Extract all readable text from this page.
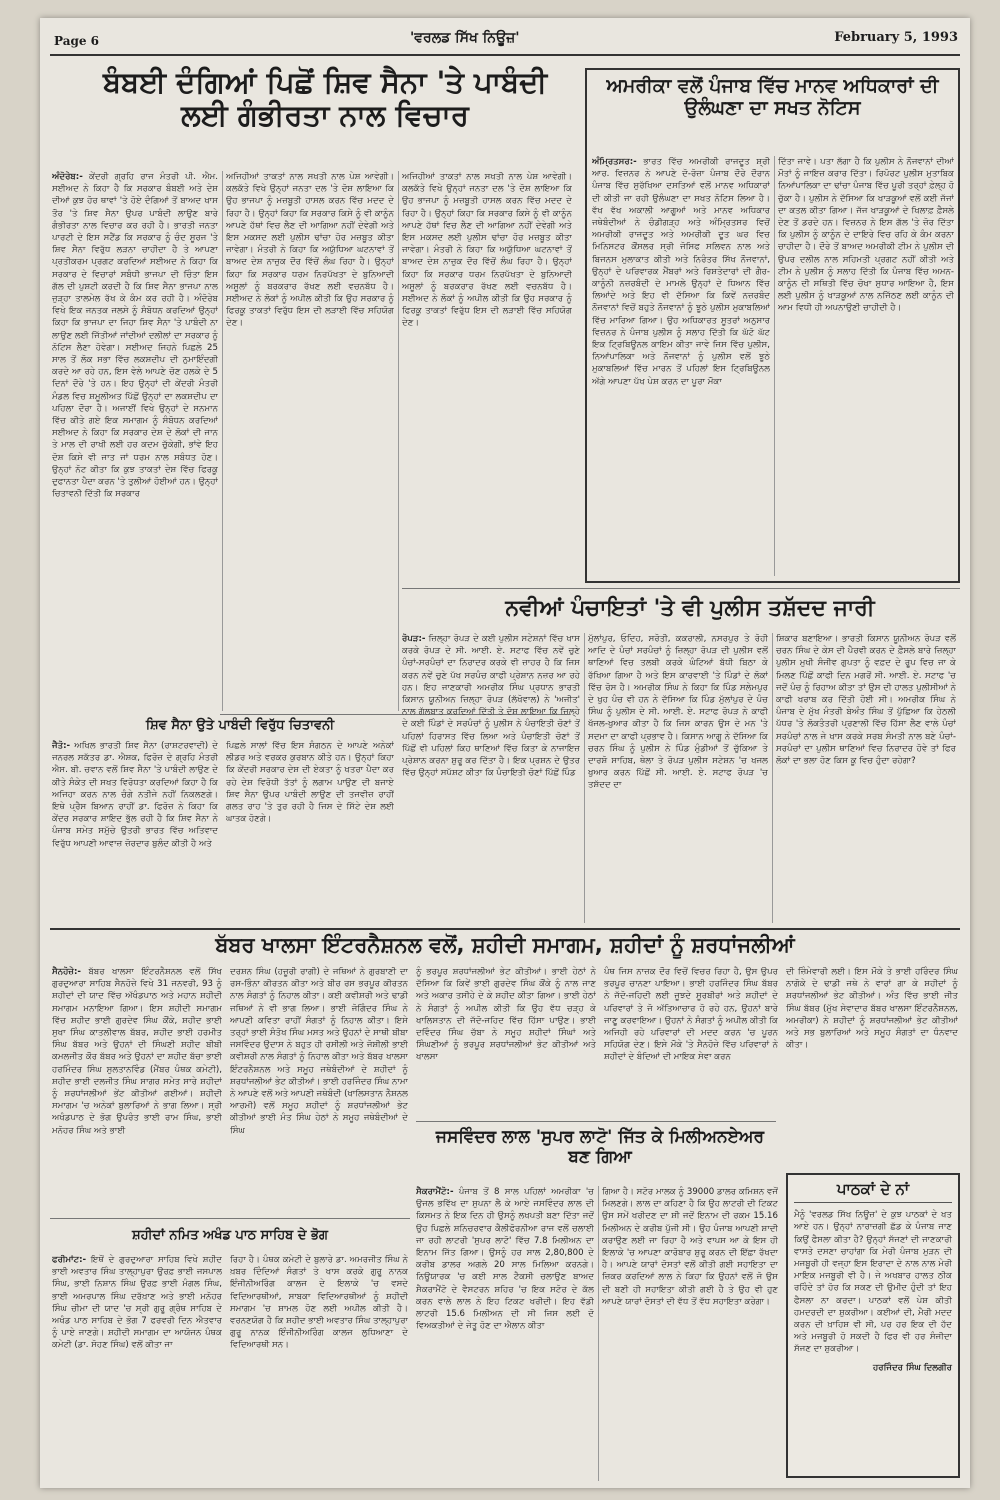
Page 6	'ਵਰਲਡ ਸਿੱਖ ਨਿਊਜ਼'	February 5, 1993
ਬੰਬਈ ਦੰਗਿਆਂ ਪਿਛੋਂ ਸ਼ਿਵ ਸੈਨਾ 'ਤੇ ਪਾਬੰਦੀ ਲਈ ਗੰਭੀਰਤਾ ਨਾਲ ਵਿਚਾਰ
ਅੰਦੋਰੇਬ:- ਕੇਂਦਰੀ ਗ੍ਰਹਿ ਰਾਜ ਮੰਤਰੀ ਪੀ. ਐਮ. ਸਈਅਦ ਨੇ ਕਿਹਾ ਹੈ ਕਿ ਸਰਕਾਰ ਬੰਬਈ ਅਤੇ ਦੇਸ਼ ਦੀਆਂ ਕੁਝ ਹੋਰ ਥਾਵਾਂ 'ਤੇ ਹੋਏ ਦੰਗਿਆਂ ਤੋਂ ਬਾਅਦ ਖਾਸ ਤੌਰ 'ਤੇ ਸ਼ਿਵ ਸੈਨਾ ਉਪਰ ਪਾਬੰਦੀ ਲਾਉਣ ਬਾਰੇ ਗੰਭੀਰਤਾ ਨਾਲ ਵਿਚਾਰ ਕਰ ਰਹੀ ਹੈ। ਭਾਰਤੀ ਜਨਤਾ ਪਾਰਟੀ ਦੇ ਇਸ ਸਟੈਂਡ ਕਿ ਸਰਕਾਰ ਨੂੰ ਚੰਦ ਸੂਰਜ 'ਤੇ ਸ਼ਿਵ ਸੈਨਾ ਵਿਰੁੱਧ ਲੜਨਾ ਚਾਹੀਦਾ ਹੈ ਤੇ ਆਪਣਾ ਪ੍ਰਤੀਕਰਮ ਪ੍ਰਗਟ ਕਰਦਿਆਂ ਸਈਅਦ ਨੇ ਕਿਹਾ ਕਿ ਸਰਕਾਰ ਦੇ ਵਿਚਾਰਾਂ ਸਬੰਧੀ ਭਾਜਪਾ ਦੀ ਚਿੰਤਾ ਇਸ ਗੱਲ ਦੀ ਪੁਸ਼ਟੀ ਕਰਦੀ ਹੈ ਕਿ ਸ਼ਿਵ ਸੈਨਾ ਭਾਜਪਾ ਨਾਲ ਜੁੜ੍ਹਾ ਤਾਲਮੇਲ ਰੱਖ ਕੇ ਕੰਮ ਕਰ ਰਹੀ ਹੈ। ਅੰਦੋਰੇਬ ਵਿਖੇ ਇਕ ਜਨਤਕ ਜਲਸੇ ਨੂੰ ਸੰਬੋਧਨ ਕਰਦਿਆਂ ਉਨ੍ਹਾਂ ਕਿਹਾ ਕਿ ਭਾਜਪਾ ਦਾ ਜਿਹਾ ਸ਼ਿਵ ਸੈਨਾ 'ਤੇ ਪਾਬੰਦੀ ਨਾ ਲਾਉਣ ਲਈ ਜਿੱਤੀਆਂ ਜਾਂਦੀਆਂ ਦਲੀਲਾਂ ਦਾ ਸਰਕਾਰ ਨੂੰ ਨੋਟਿਸ ਲੈਣਾ ਹੋਵੇਗਾ। ਸਈਅਦ ਜਿਹਨੇ ਪਿਛਲੇ 25 ਸਾਲ ਤੋਂ ਲੋਕ ਸਭਾ ਵਿੱਚ ਲਕਸ਼ਦੀਪ ਦੀ ਨੁਮਾਇੰਦਗੀ ਕਰਦੇ ਆ ਰਹੇ ਹਨ, ਇਸ ਵੇਲੇ ਆਪਣੇ ਚੋਣ ਹਲਕੇ ਦੇ 5 ਦਿਨਾਂ ਦੌਰੇ 'ਤੇ ਹਨ। ਇਹ ਉਨ੍ਹਾਂ ਦੀ ਕੇਂਦਰੀ ਮੰਤਰੀ ਮੰਡਲ ਵਿਚ ਸ਼ਮੂਲੀਅਤ ਪਿੱਛੋਂ ਉਨ੍ਹਾਂ ਦਾ ਲਕਸ਼ਦੀਪ ਦਾ ਪਹਿਲਾ ਦੌਰਾ ਹੈ। ਅਜਾਈਂ ਵਿਖੇ ਉਨ੍ਹਾਂ ਦੇ ਸਨਮਾਨ ਵਿੱਚ ਕੀਤੇ ਗਏ ਇਕ ਸਮਾਗਮ ਨੂੰ ਸੰਬੋਧਨ ਕਰਦਿਆਂ ਸਈਅਦ ਨੇ ਕਿਹਾ ਕਿ ਸਰਕਾਰ ਦੇਸ਼ ਦੇ ਲੋਕਾਂ ਦੀ ਜਾਨ ਤੇ ਮਾਲ ਦੀ ਰਾਖੀ ਲਈ ਹਰ ਕਦਮ ਚੁੱਕੇਗੀ, ਭਾਂਵੇ ਇਹ ਦੋਸ਼ ਕਿਸੇ ਵੀ ਜਾਤ ਜਾਂ ਧਰਮ ਨਾਲ ਸਬੰਧਤ ਹੋਣ। ਉਨ੍ਹਾਂ ਨੋਟ ਕੀਤਾ ਕਿ ਕੁਝ ਤਾਕਤਾਂ ਦੇਸ਼ ਵਿੱਚ ਫਿਰਕੂ ਦੁਫਾਨਤਾ ਪੈਦਾ ਕਰਨ 'ਤੇ ਤੁਲੀਆਂ ਹੋਈਆਂ ਹਨ। ਉਨ੍ਹਾਂ ਚਿਤਾਵਨੀ ਦਿੱਤੀ ਕਿ ਸਰਕਾਰ
ਅਜਿਹੀਆਂ ਤਾਕਤਾਂ ਨਾਲ ਸਖਤੀ ਨਾਲ ਪੇਸ਼ ਆਵੇਗੀ। ਕਲਕੱਤੇ ਵਿਖੇ ਉਨ੍ਹਾਂ ਜਨਤਾ ਦਲ 'ਤੇ ਦੋਸ਼ ਲਾਇਆ ਕਿ ਉਹ ਭਾਜਪਾ ਨੂੰ ਮਜ਼ਬੂਤੀ ਹਾਸਲ ਕਰਨ ਵਿੱਚ ਮਦਦ ਦੇ ਰਿਹਾ ਹੈ। ਉਨ੍ਹਾਂ ਕਿਹਾ ਕਿ ਸਰਕਾਰ ਕਿਸੇ ਨੂੰ ਵੀ ਕਾਨੂੰਨ ਆਪਣੇ ਹੱਥਾਂ ਵਿਚ ਲੈਣ ਦੀ ਆਗਿਆ ਨਹੀਂ ਦੇਵੇਗੀ ਅਤੇ ਇਸ ਮਕਸਦ ਲਈ ਪੁਲੀਸ ਢਾਂਚਾ ਹੋਰ ਮਜ਼ਬੂਤ ਕੀਤਾ ਜਾਵੇਗਾ। ਮੰਤਰੀ ਨੇ ਕਿਹਾ ਕਿ ਅਯੁੱਧਿਆ ਘਟਨਾਵਾਂ ਤੋਂ ਬਾਅਦ ਦੇਸ਼ ਨਾਜ਼ੁਕ ਦੌਰ ਵਿੱਚੋਂ ਲੰਘ ਰਿਹਾ ਹੈ। ਉਨ੍ਹਾਂ ਕਿਹਾ ਕਿ ਸਰਕਾਰ ਧਰਮ ਨਿਰਪੱਖਤਾ ਦੇ ਬੁਨਿਆਦੀ ਅਸੂਲਾਂ ਨੂੰ ਬਰਕਰਾਰ ਰੱਖਣ ਲਈ ਵਚਨਬੱਧ ਹੈ। ਸਈਅਦ ਨੇ ਲੋਕਾਂ ਨੂੰ ਅਪੀਲ ਕੀਤੀ ਕਿ ਉਹ ਸਰਕਾਰ ਨੂੰ ਫਿਰਕੂ ਤਾਕਤਾਂ ਵਿਰੁੱਧ ਇਸ ਦੀ ਲੜਾਈ ਵਿੱਚ ਸਹਿਯੋਗ ਦੇਣ।
ਅਜਿਹੀਆਂ ਤਾਕਤਾਂ ਨਾਲ ਸਖਤੀ ਨਾਲ ਪੇਸ਼ ਆਵੇਗੀ। ਕਲਕੱਤੇ ਵਿਖੇ ਉਨ੍ਹਾਂ ਜਨਤਾ ਦਲ 'ਤੇ ਦੋਸ਼ ਲਾਇਆ ਕਿ ਉਹ ਭਾਜਪਾ ਨੂੰ ਮਜ਼ਬੂਤੀ ਹਾਸਲ ਕਰਨ ਵਿੱਚ ਮਦਦ ਦੇ ਰਿਹਾ ਹੈ। ਉਨ੍ਹਾਂ ਕਿਹਾ ਕਿ ਸਰਕਾਰ ਕਿਸੇ ਨੂੰ ਵੀ ਕਾਨੂੰਨ ਆਪਣੇ ਹੱਥਾਂ ਵਿਚ ਲੈਣ ਦੀ ਆਗਿਆ ਨਹੀਂ ਦੇਵੇਗੀ ਅਤੇ ਇਸ ਮਕਸਦ ਲਈ ਪੁਲੀਸ ਢਾਂਚਾ ਹੋਰ ਮਜ਼ਬੂਤ ਕੀਤਾ ਜਾਵੇਗਾ। ਮੰਤਰੀ ਨੇ ਕਿਹਾ ਕਿ ਅਯੁੱਧਿਆ ਘਟਨਾਵਾਂ ਤੋਂ ਬਾਅਦ ਦੇਸ਼ ਨਾਜ਼ੁਕ ਦੌਰ ਵਿੱਚੋਂ ਲੰਘ ਰਿਹਾ ਹੈ। ਉਨ੍ਹਾਂ ਕਿਹਾ ਕਿ ਸਰਕਾਰ ਧਰਮ ਨਿਰਪੱਖਤਾ ਦੇ ਬੁਨਿਆਦੀ ਅਸੂਲਾਂ ਨੂੰ ਬਰਕਰਾਰ ਰੱਖਣ ਲਈ ਵਚਨਬੱਧ ਹੈ। ਸਈਅਦ ਨੇ ਲੋਕਾਂ ਨੂੰ ਅਪੀਲ ਕੀਤੀ ਕਿ ਉਹ ਸਰਕਾਰ ਨੂੰ ਫਿਰਕੂ ਤਾਕਤਾਂ ਵਿਰੁੱਧ ਇਸ ਦੀ ਲੜਾਈ ਵਿੱਚ ਸਹਿਯੋਗ ਦੇਣ।
ਸ਼ਿਵ ਸੈਨਾ ਉਤੇ ਪਾਬੰਦੀ ਵਿਰੁੱਧ ਚਿਤਾਵਨੀ
ਜੈਤੋ:- ਅਖਿਲ ਭਾਰਤੀ ਸ਼ਿਵ ਸੈਨਾ (ਰਾਸ਼ਟਰਵਾਦੀ) ਦੇ ਜਨਰਲ ਸਕੱਤਰ ਡਾ. ਐਸ਼ਕ, ਫਿਰੋਜ਼ ਦੇ ਗ੍ਰਹਿ ਮੰਤਰੀ ਐਸ. ਬੀ. ਚਵਾਨ ਵਲੋਂ ਸ਼ਿਵ ਸੈਨਾ 'ਤੇ ਪਾਬੰਦੀ ਲਾਉਣ ਦੇ ਕੀਤੇ ਸੰਕੇਤ ਦੀ ਸਖਤ ਵਿਰੋਧਤਾ ਕਰਦਿਆਂ ਕਿਹਾ ਹੈ ਕਿ ਅਜਿਹਾ ਕਰਨ ਨਾਲ ਚੰਗੇ ਨਤੀਜੇ ਨਹੀਂ ਨਿਕਲਣਗੇ। ਇਥੇ ਪ੍ਰੈਸ ਬਿਆਨ ਰਾਹੀਂ ਡਾ. ਫਿਰੋਜ਼ ਨੇ ਕਿਹਾ ਕਿ ਕੇਂਦਰ ਸਰਕਾਰ ਸ਼ਾਇਦ ਭੁੱਲ ਰਹੀ ਹੈ ਕਿ ਸ਼ਿਵ ਸੈਨਾ ਨੇ ਪੰਜਾਬ ਸਮੇਤ ਸਮੁੱਚੇ ਉਤਰੀ ਭਾਰਤ ਵਿੱਚ ਅਤਿਵਾਦ ਵਿਰੁੱਧ ਆਪਣੀ ਆਵਾਜ਼ ਜ਼ੋਰਦਾਰ ਬੁਲੰਦ ਕੀਤੀ ਹੈ ਅਤੇ
ਪਿਛਲੇ ਸਾਲਾਂ ਵਿੱਚ ਇਸ ਸੰਗਠਨ ਦੇ ਆਪਣੇ ਅਨੇਕਾਂ ਲੀਡਰ ਅਤੇ ਵਰਕਰ ਕੁਰਬਾਨ ਕੀਤੇ ਹਨ। ਉਨ੍ਹਾਂ ਕਿਹਾ ਕਿ ਕੇਂਦਰੀ ਸਰਕਾਰ ਦੇਸ਼ ਦੀ ਏਕਤਾ ਨੂੰ ਖਤਰਾ ਪੈਦਾ ਕਰ ਰਹੇ ਦੇਸ਼ ਵਿਰੋਧੀ ਤੱਤਾਂ ਨੂੰ ਲਗਾਮ ਪਾਉਣ ਦੀ ਬਜਾਏ ਸ਼ਿਵ ਸੈਨਾ ਉਪਰ ਪਾਬੰਦੀ ਲਾਉਣ ਦੀ ਤਜਵੀਜ਼ ਰਾਹੀਂ ਗਲਤ ਰਾਹ 'ਤੇ ਤੁਰ ਰਹੀ ਹੈ ਜਿਸ ਦੇ ਸਿੱਟੇ ਦੇਸ਼ ਲਈ ਘਾਤਕ ਹੋਣਗੇ।
ਅਮਰੀਕਾ ਵਲੋਂ ਪੰਜਾਬ ਵਿੱਚ ਮਾਨਵ ਅਧਿਕਾਰਾਂ ਦੀ ਉਲੰਘਣਾ ਦਾ ਸਖਤ ਨੋਟਿਸ
ਅੰਮ੍ਰਿਤਸਰ:- ਭਾਰਤ ਵਿੱਚ ਅਮਰੀਕੀ ਰਾਜਦੂਤ ਸ਼੍ਰੀ ਆਰ. ਵਿਜ਼ਨਰ ਨੇ ਆਪਣੇ ਦੋ-ਰੋਜ਼ਾ ਪੰਜਾਬ ਦੌਰੇ ਦੌਰਾਨ ਪੰਜਾਬ ਵਿੱਚ ਸੁਰੱਖਿਆ ਦਸਤਿਆਂ ਵਲੋਂ ਮਾਨਵ ਅਧਿਕਾਰਾਂ ਦੀ ਕੀਤੀ ਜਾ ਰਹੀ ਉਲੰਘਣਾ ਦਾ ਸਖਤ ਨੋਟਿਸ ਲਿਆ ਹੈ। ਵੱਖ ਵੱਖ ਅਕਾਲੀ ਆਗੂਆਂ ਅਤੇ ਮਾਨਵ ਅਧਿਕਾਰ ਜਥੇਬੰਦੀਆਂ ਨੇ ਚੰਡੀਗੜ੍ਹ ਅਤੇ ਅੰਮ੍ਰਿਤਸਰ ਵਿਚੋਂ ਅਮਰੀਕੀ ਰਾਜਦੂਤ ਅਤੇ ਅਮਰੀਕੀ ਦੂਤ ਘਰ ਵਿਚ ਮਿਨਿਸਟਰ ਕੌਂਸਲਰ ਸ੍ਰੀ ਜੋਸਿਫ ਸਲਿਵਨ ਨਾਲ ਅਤੇ ਬਿਜਨਸ ਮੁਲਾਕਾਤ ਕੀਤੀ ਅਤੇ ਨਿਰੰਤਰ ਸਿੱਖ ਨੌਜਵਾਨਾਂ, ਉਨ੍ਹਾਂ ਦੇ ਪਰਿਵਾਰਕ ਮੈਂਬਰਾਂ ਅਤੇ ਰਿਸ਼ਤੇਦਾਰਾਂ ਦੀ ਗੈਰ-ਕਾਨੂੰਨੀ ਨਜ਼ਰਬੰਦੀ ਦੇ ਮਾਮਲੇ ਉਨ੍ਹਾਂ ਦੇ ਧਿਆਨ ਵਿੱਚ ਲਿਆਂਦੇ ਅਤੇ ਇਹ ਵੀ ਦੱਸਿਆ ਕਿ ਕਿਵੇਂ ਨਜ਼ਰਬੰਦ ਨੌਜਵਾਨਾਂ ਵਿਚੋਂ ਬਹੁਤੇ ਨੌਜਵਾਨਾਂ ਨੂੰ ਝੂਠੇ ਪੁਲੀਸ ਮੁਕਾਬਲਿਆਂ ਵਿੱਚ ਮਾਰਿਆ ਗਿਆ। ਉਹ ਅਧਿਕਾਰਤ ਸੂਤਰਾਂ ਅਨੁਸਾਰ ਵਿਜ਼ਨਰ ਨੇ ਪੰਜਾਬ ਪੁਲੀਸ ਨੂੰ ਸਲਾਹ ਦਿੱਤੀ ਕਿ ਘੱਟੋ ਘੱਟ ਇਕ ਟ੍ਰਿਬਿਊਨਲ ਕਾਇਮ ਕੀਤਾ ਜਾਵੇ ਜਿਸ ਵਿੱਚ ਪੁਲੀਸ, ਨਿਆਂਪਾਲਿਕਾ ਅਤੇ ਨੌਜਵਾਨਾਂ ਨੂੰ ਪੁਲੀਸ ਵਲੋਂ ਝੂਠੇ ਮੁਕਾਬਲਿਆਂ ਵਿੱਚ ਮਾਰਨ ਤੋਂ ਪਹਿਲਾਂ ਇਸ ਟ੍ਰਿਬਿਊਨਲ ਅੱਗੇ ਆਪਣਾ ਪੱਖ ਪੇਸ਼ ਕਰਨ ਦਾ ਪੂਰਾ ਮੌਕਾ
ਦਿੱਤਾ ਜਾਵੇ। ਪਤਾ ਲੱਗਾ ਹੈ ਕਿ ਪੁਲੀਸ ਨੇ ਨੌਜਵਾਨਾਂ ਦੀਆਂ ਮੌਤਾਂ ਨੂੰ ਜਾਇਜ਼ ਕਰਾਰ ਦਿੱਤਾ। ਰਿਪੋਰਟ ਪੁਲੀਸ ਮੁਤਾਬਿਕ ਨਿਆਂਪਾਲਿਕਾ ਦਾ ਢਾਂਚਾ ਪੰਜਾਬ ਵਿੱਚ ਪੂਰੀ ਤਰ੍ਹਾਂ ਫ਼ੇਲ੍ਹ ਹੋ ਚੁੱਕਾ ਹੈ। ਪੁਲੀਸ ਨੇ ਦੱਸਿਆ ਕਿ ਖਾੜਕੂਆਂ ਵਲੋਂ ਕਈ ਜੱਜਾਂ ਦਾ ਕਤਲ ਕੀਤਾ ਗਿਆ। ਜੱਜ ਖਾੜਕੂਆਂ ਦੇ ਖਿਲਾਫ਼ ਫ਼ੈਸਲੇ ਦੇਣ ਤੋਂ ਡਰਦੇ ਹਨ। ਵਿਜ਼ਨਰ ਨੇ ਇਸ ਗੱਲ 'ਤੇ ਜ਼ੋਰ ਦਿੱਤਾ ਕਿ ਪੁਲੀਸ ਨੂੰ ਕਾਨੂੰਨ ਦੇ ਦਾਇਰੇ ਵਿਚ ਰਹਿ ਕੇ ਕੰਮ ਕਰਨਾ ਚਾਹੀਦਾ ਹੈ। ਦੌਰੇ ਤੋਂ ਬਾਅਦ ਅਮਰੀਕੀ ਟੀਮ ਨੇ ਪੁਲੀਸ ਦੀ ਉਪਰ ਦਲੀਲ ਨਾਲ ਸਹਿਮਤੀ ਪ੍ਰਗਟ ਨਹੀਂ ਕੀਤੀ ਅਤੇ ਟੀਮ ਨੇ ਪੁਲੀਸ ਨੂੰ ਸਲਾਹ ਦਿੱਤੀ ਕਿ ਪੰਜਾਬ ਵਿੱਚ ਅਮਨ-ਕਾਨੂੰਨ ਦੀ ਸਥਿਤੀ ਵਿੱਚ ਚੋਖਾ ਸੁਧਾਰ ਆਇਆ ਹੈ, ਇਸ ਲਈ ਪੁਲੀਸ ਨੂੰ ਖਾੜਕੂਆਂ ਨਾਲ ਨਜਿੱਠਣ ਲਈ ਕਾਨੂੰਨ ਦੀ ਆਮ ਵਿਧੀ ਹੀ ਅਪਨਾਉਣੀ ਚਾਹੀਦੀ ਹੈ।
ਨਵੀਆਂ ਪੰਚਾਇਤਾਂ 'ਤੇ ਵੀ ਪੁਲੀਸ ਤਸ਼ੱਦਦ ਜਾਰੀ
ਰੋਪੜ:- ਜ਼ਿਲ੍ਹਾ ਰੋਪੜ ਦੇ ਕਈ ਪੁਲੀਸ ਸਟੇਸ਼ਨਾਂ ਵਿੱਚ ਖਾਸ ਕਰਕੇ ਰੋਪੜ ਦੇ ਸੀ. ਆਈ. ਏ. ਸਟਾਫ ਵਿੱਚ ਨਵੇਂ ਚੁਣੇ ਪੰਚਾਂ-ਸਰਪੰਚਾਂ ਦਾ ਨਿਰਾਦਰ ਕਰਕੇ ਵੀ ਜ਼ਾਹਰ ਹੈ ਕਿ ਜਿਸ ਕਰਨ ਨਵੇਂ ਚੁਣੇ ਪੱਖ ਸਰਪੰਚ ਕਾਫੀ ਪ੍ਰੇਸ਼ਾਨ ਨਜ਼ਰ ਆ ਰਹੇ ਹਨ। ਇਹ ਜਾਣਕਾਰੀ ਅਮਰੀਕ ਸਿੰਘ ਪ੍ਰਧਾਨ ਭਾਰਤੀ ਕਿਸਾਨ ਯੂਨੀਅਨ ਜ਼ਿਲ੍ਹਾ ਰੋਪੜ (ਲੱਖੋਵਾਲ) ਨੇ 'ਅਜੀਤ' ਨਾਲ ਗੱਲਬਾਤ ਕਰਦਿਆਂ ਦਿੱਤੀ ਤੇ ਦੋਸ਼ ਲਾਇਆ ਕਿ ਜ਼ਿਲ੍ਹੇ ਦੇ ਕਈ ਪਿੰਡਾਂ ਦੇ ਸਰਪੰਚਾਂ ਨੂੰ ਪੁਲੀਸ ਨੇ ਪੰਚਾਇਤੀ ਚੋਣਾਂ ਤੋਂ ਪਹਿਲਾਂ ਹਿਰਾਸਤ ਵਿੱਚ ਲਿਆ ਅਤੇ ਪੰਚਾਇਤੀ ਚੋਣਾਂ ਤੋਂ ਪਿੱਛੋਂ ਵੀ ਪਹਿਲਾਂ ਕਿਹ ਥਾਣਿਆਂ ਵਿੱਚ ਕਿਤਾ ਕੇ ਨਾਜਾਇਜ਼ ਪ੍ਰੇਸ਼ਾਨ ਕਰਨਾ ਸ਼ੁਰੂ ਕਰ ਦਿੱਤਾ ਹੈ। ਇਕ ਪ੍ਰਸ਼ਨ ਦੇ ਉਤਰ ਵਿੱਚ ਉਨ੍ਹਾਂ ਸਪੱਸ਼ਟ ਕੀਤਾ ਕਿ ਪੰਚਾਇਤੀ ਚੋਣਾਂ ਪਿੱਛੋਂ ਪਿੰਡ
ਮੁੱਲਾਂਪੁਰ, ਓਦਿਹ, ਸਰੋਤੀ, ਕਕਰਾਲੀ, ਨਸਰਪੁਰ ਤੇ ਰੋਹੀ ਆਦਿ ਦੇ ਪੰਚਾਂ ਸਰਪੰਚਾਂ ਨੂੰ ਜ਼ਿਲ੍ਹਾ ਰੋਪੜ ਦੀ ਪੁਲੀਸ ਵਲੋਂ ਥਾਣਿਆਂ ਵਿਚ ਤਲਬੀ ਕਰਕੇ ਘੰਟਿਆਂ ਬੱਧੀ ਬਿਠਾ ਕੇ ਰੱਖਿਆ ਗਿਆ ਹੈ ਅਤੇ ਇਸ ਕਾਰਵਾਈ 'ਤੇ ਪਿੰਡਾਂ ਦੇ ਲੋਕਾਂ ਵਿੱਚ ਰੋਸ ਹੈ। ਅਮਰੀਕ ਸਿੰਘ ਨੇ ਕਿਹਾ ਕਿ ਪਿੰਡ ਸਲੇਮਪੁਰ ਦੇ ਖੁਹ ਪੰਚ ਵੀ ਹਨ ਨੇ ਦੱਸਿਆ ਕਿ ਪਿੰਡ ਮੁੱਲਾਂਪੁਰ ਦੇ ਪੰਚ ਸਿੰਘ ਨੂੰ ਪੁਲੀਸ ਦੇ ਸੀ. ਆਈ. ਏ. ਸਟਾਫ ਰੋਪੜ ਨੇ ਕਾਫੀ ਖੱਜਲ-ਖੁਆਰ ਕੀਤਾ ਹੈ ਕਿ ਜਿਸ ਕਾਰਨ ਉਸ ਦੇ ਮਨ 'ਤੇ ਸਦਮਾ ਦਾ ਕਾਫੀ ਪ੍ਰਭਾਵ ਹੈ। ਕਿਸਾਨ ਆਗੂ ਨੇ ਦੱਸਿਆ ਕਿ ਚਰਨ ਸਿੰਘ ਨੂੰ ਪੁਲੀਸ ਨੇ ਪਿੰਡ ਮੁੰਡੀਆਂ ਤੋਂ ਚੁੱਕਿਆ ਤੇ ਦਾਰਸ਼ੋ ਸਾਹਿਬ, ਥੇਲਾ ਤੇ ਰੋਪੜ ਪੁਲੀਸ ਸਟੇਸ਼ਨ 'ਚ ਖਜਲ ਖੁਆਰ ਕਰਨ ਪਿੱਛੋਂ ਸੀ. ਆਈ. ਏ. ਸਟਾਫ ਰੋਪੜ 'ਚ ਤਸ਼ੱਦਦ ਦਾ
ਸ਼ਿਕਾਰ ਬਣਾਇਆ। ਭਾਰਤੀ ਕਿਸਾਨ ਯੂਨੀਅਨ ਰੋਪੜ ਵਲੋਂ ਚਰਨ ਸਿੰਘ ਦੇ ਕੇਸ ਦੀ ਪੈਰਵੀ ਕਰਨ ਦੇ ਫ਼ੈਸਲੇ ਬਾਰੇ ਜ਼ਿਲ੍ਹਾ ਪੁਲੀਸ ਮੁਖੀ ਸੰਜੀਵ ਗੁਪਤਾ ਨੂੰ ਵਫ਼ਦ ਦੇ ਰੂਪ ਵਿਚ ਜਾ ਕੇ ਮਿਲਣ ਪਿੱਛੋਂ ਕਾਫੀ ਦਿਨ ਮਗਰੋਂ ਸੀ. ਆਈ. ਏ. ਸਟਾਫ 'ਚ ਜਦੋਂ ਪੰਚ ਨੂੰ ਰਿਹਾਅ ਕੀਤਾ ਤਾਂ ਉਸ ਦੀ ਹਾਲਤ ਪੁਲੀਸੀਆਂ ਨੇ ਕਾਫੀ ਖਰਾਬ ਕਰ ਦਿੱਤੀ ਹੋਈ ਸੀ। ਅਮਰੀਕ ਸਿੰਘ ਨੇ ਪੰਜਾਬ ਦੇ ਮੁੱਖ ਮੰਤਰੀ ਬੇਅੰਤ ਸਿੰਘ ਤੋਂ ਪੁੱਛਿਆ ਕਿ ਹੇਠਲੀ ਪੱਧਰ 'ਤੇ ਲੋਕਤੰਤਰੀ ਪ੍ਰਣਾਲੀ ਵਿੱਚ ਹਿੱਸਾ ਲੈਣ ਵਾਲੇ ਪੰਚਾਂ ਸਰਪੰਚਾਂ ਨਾਲ ਜੇ ਖਾਸ ਕਰਕੇ ਸਰਬ ਸੰਮਤੀ ਨਾਲ ਬਣੇ ਪੰਚਾਂ-ਸਰਪੰਚਾਂ ਦਾ ਪੁਲੀਸ ਥਾਣਿਆਂ ਵਿਚ ਨਿਰਾਦਰ ਹੋਵੇ ਤਾਂ ਫਿਰ ਲੋਕਾਂ ਦਾ ਭਲਾ ਹੋਣ ਕਿਸ ਕੂ ਵਿਚ ਹੁੰਦਾ ਰਹੇਗਾ?
ਬੱਬਰ ਖਾਲਸਾ ਇੰਟਰਨੈਸ਼ਨਲ ਵਲੋਂ, ਸ਼ਹੀਦੀ ਸਮਾਗਮ, ਸ਼ਹੀਦਾਂ ਨੂੰ ਸ਼ਰਧਾਂਜਲੀਆਂ
ਸੈਨਹੋਜ਼ੇ:- ਬੱਬਰ ਖਾਲਸਾ ਇੰਟਰਨੈਸ਼ਨਲ ਵਲੋਂ ਸਿੱਖ ਗੁਰਦੁਆਰਾ ਸਾਹਿਬ ਸੈਨਹੋਜ਼ੇ ਵਿਖੇ 31 ਜਨਵਰੀ, 93 ਨੂੰ ਸ਼ਹੀਦਾਂ ਦੀ ਯਾਦ ਵਿੱਚ ਅੱਖੰਡਪਾਠ ਅਤੇ ਮਹਾਨ ਸ਼ਹੀਦੀ ਸਮਾਗਮ ਮਨਾਇਆ ਗਿਆ। ਇਸ ਸ਼ਹੀਦੀ ਸਮਾਗਮ ਵਿੱਚ ਸ਼ਹੀਦ ਭਾਈ ਗੁਰਦੇਵ ਸਿੰਘ ਕੌਂਕੇ, ਸ਼ਹੀਦ ਭਾਈ ਸੁਖਾ ਸਿੰਘ ਕਾਤਲੀਵਾਲ ਬੱਬਰ, ਸ਼ਹੀਦ ਭਾਈ ਹਰਮੀਤ ਸਿੰਘ ਬੱਬਰ ਅਤੇ ਉਹਨਾਂ ਦੀ ਸਿੰਘਣੀ ਸ਼ਹੀਦ ਬੀਬੀ ਕਮਲਜੀਤ ਕੌਰ ਬੱਬਰ ਅਤੇ ਉਹਨਾਂ ਦਾ ਸ਼ਹੀਦ ਬੱਚਾ ਭਾਈ ਹਰਮਿੰਦਰ ਸਿੰਘ ਸੁਲਤਾਨਵਿੰਡ (ਮੈਂਬਰ ਪੰਥਕ ਕਮੇਟੀ), ਸ਼ਹੀਦ ਭਾਈ ਦਲਜੀਤ ਸਿੰਘ ਸਾਗਰ ਸਮੇਤ ਸਾਰੇ ਸ਼ਹੀਦਾਂ ਨੂੰ ਸ਼ਰਧਾਂਜਲੀਆਂ ਭੇਂਟ ਕੀਤੀਆਂ ਗਈਆਂ। ਸ਼ਹੀਦੀ ਸਮਾਗਮ 'ਚ ਅਨੇਕਾਂ ਬੁਲਾਰਿਆਂ ਨੇ ਭਾਗ ਲਿਆ। ਸ੍ਰੀ ਅਖੰਡਪਾਠ ਦੇ ਭੋਗ ਉਪਰੰਤ ਭਾਈ ਰਾਮ ਸਿੰਘ, ਭਾਈ ਮਨੋਹਰ ਸਿੰਘ ਅਤੇ ਭਾਈ
ਦਰਸ਼ਨ ਸਿੰਘ (ਹਜ਼ੂਰੀ ਰਾਗੀ) ਦੇ ਜਥਿਆਂ ਨੇ ਗੁਰਬਾਣੀ ਦਾ ਰਸ-ਭਿੰਨਾ ਕੀਰਤਨ ਕੀਤਾ ਅਤੇ ਬੀਰ ਰਸ ਭਰਪੂਰ ਕੀਰਤਨ ਨਾਲ ਸੰਗਤਾਂ ਨੂੰ ਨਿਹਾਲ ਕੀਤਾ। ਕਈ ਕਵੀਸ਼ਰੀ ਅਤੇ ਢਾਡੀ ਜਥਿਆਂ ਨੇ ਵੀ ਭਾਗ ਲਿਆ। ਭਾਈ ਜੋਗਿੰਦਰ ਸਿੰਘ ਨੇ ਆਪਣੀ ਕਵਿਤਾ ਰਾਹੀਂ ਸੰਗਤਾਂ ਨੂੰ ਨਿਹਾਲ ਕੀਤਾ। ਇਸੇ ਤਰ੍ਹਾਂ ਭਾਈ ਸੰਤੋਖ ਸਿੰਘ ਮਸਤ ਅਤੇ ਉਹਨਾਂ ਦੇ ਸਾਥੀ ਬੀਬਾ ਜਸਵਿੰਦਰ ਉਦਾਸ ਨੇ ਬਹੁਤ ਹੀ ਰਸੀਲੀ ਅਤੇ ਜੋਸ਼ੀਲੀ ਭਾਈ ਕਵੀਸ਼ਰੀ ਨਾਲ ਸੰਗਤਾਂ ਨੂੰ ਨਿਹਾਲ ਕੀਤਾ ਅਤੇ ਬੱਬਰ ਖਾਲਸਾ ਇੰਟਰਨੈਸ਼ਨਲ ਅਤੇ ਸਮੂਹ ਜਥੇਬੰਦੀਆਂ ਦੇ ਸ਼ਹੀਦਾਂ ਨੂੰ ਸ਼ਰਧਾਂਜਲੀਆਂ ਭੇਟ ਕੀਤੀਆਂ। ਭਾਈ ਹਰਜਿੰਦਰ ਸਿੰਘ ਨਾਮਾ ਨੇ ਆਪਣੇ ਵਲੋਂ ਅਤੇ ਆਪਣੀ ਜਥੇਬੰਦੀ (ਖਾਲਿਸਤਾਨ ਨੈਸ਼ਨਲ ਆਰਮੀ) ਵਲੋਂ ਸਮੂਹ ਸ਼ਹੀਦਾਂ ਨੂੰ ਸ਼ਰਧਾਂਜਲੀਆਂ ਭੇਟ ਕੀਤੀਆਂ ਭਾਈ ਮੰਤ ਸਿੰਘ ਹੇਠਾਂ ਨੇ ਸਮੂਹ ਜਥੇਬੰਦੀਆਂ ਦੇ ਸਿੰਘ
ਨੂੰ ਭਰਪੂਰ ਸ਼ਰਧਾਂਜਲੀਆਂ ਭੇਟ ਕੀਤੀਆਂ। ਭਾਈ ਹੇਠਾਂ ਨੇ ਦੱਸਿਆ ਕਿ ਕਿਵੇਂ ਭਾਈ ਗੁਰਦੇਵ ਸਿੰਘ ਕੌਂਕੇ ਨੂੰ ਨਾਲ ਜਾਣ ਅਤੇ ਅਕਾਰ ਤਸੀਹੇ ਦੇ ਕੇ ਸ਼ਹੀਦ ਕੀਤਾ ਗਿਆ। ਭਾਈ ਹੇਠਾਂ ਨੇ ਸੰਗਤਾਂ ਨੂੰ ਅਪੀਲ ਕੀਤੀ ਕਿ ਉਹ ਵੱਧ ਚੜ੍ਹ ਕੇ ਖਾਲਿਸਤਾਨ ਦੀ ਜੱਦੋ-ਜਹਿਦ ਵਿੱਚ ਹਿੱਸਾ ਪਾਉਣ। ਭਾਈ ਦਵਿੰਦਰ ਸਿੰਘ ਚੱਬਾ ਨੇ ਸਮੂਹ ਸ਼ਹੀਦਾਂ ਸਿੰਘਾਂ ਅਤੇ ਸਿੰਘਣੀਆਂ ਨੂੰ ਭਰਪੂਰ ਸ਼ਰਧਾਂਜਲੀਆਂ ਭੇਟ ਕੀਤੀਆਂ ਅਤੇ ਖਾਲਸਾ
ਪੰਥ ਜਿਸ ਨਾਜ਼ਕ ਦੌਰ ਵਿਚੋਂ ਵਿਚਰ ਰਿਹਾ ਹੈ, ਉਸ ਉਪਰ ਭਰਪੂਰ ਚਾਨਣਾ ਪਾਇਆ। ਭਾਈ ਹਰਜਿੰਦਰ ਸਿੰਘ ਬੱਬਰ ਨੇ ਜੱਦੋ-ਜਹਿਦੀ ਲਈ ਜੂਝਦੇ ਸੂਰਬੀਰਾਂ ਅਤੇ ਸ਼ਹੀਦਾਂ ਦੇ ਪਰਿਵਾਰਾਂ ਤੇ ਜੋ ਅੱਤਿਆਚਾਰ ਹੋ ਰਹੇ ਹਨ, ਉਹਨਾਂ ਬਾਰੇ ਜਾਣੂ ਕਰਵਾਇਆ। ਉਹਨਾਂ ਨੇ ਸੰਗਤਾਂ ਨੂੰ ਅਪੀਲ ਕੀਤੀ ਕਿ ਅਜਿਹੀ ਰਹੇ ਪਰਿਵਾਰਾਂ ਦੀ ਮਦਦ ਕਰਨ 'ਚ ਪੂਰਨ ਸਹਿਯੋਗ ਦੇਣ। ਇਸੇ ਮੌਕੇ 'ਤੇ ਸੈਨਹੋਜ਼ੇ ਵਿੱਚ ਪਰਿਵਾਰਾਂ ਨੇ ਸ਼ਹੀਦਾਂ ਦੇ ਬੰਦਿਆਂ ਦੀ ਮਾਇਕ ਸੇਵਾ ਕਰਨ
ਦੀ ਜ਼ਿੰਮੇਵਾਰੀ ਲਈ। ਇਸ ਮੌਕੇ ਤੇ ਭਾਈ ਹਰਿੰਦਰ ਸਿੰਘ ਨਾਗੋਕੇ ਦੇ ਢਾਡੀ ਜਥੇ ਨੇ ਵਾਰਾਂ ਗਾ ਕੇ ਸ਼ਹੀਦਾਂ ਨੂੰ ਸ਼ਰਧਾਂਜਲੀਆਂ ਭੇਟ ਕੀਤੀਆਂ। ਅੰਤ ਵਿੱਚ ਭਾਈ ਜੀਤ ਸਿੰਘ ਬੱਬਰ (ਮੁੱਖ ਸੇਵਾਦਾਰ ਬੱਬਰ ਖਾਲਸਾ ਇੰਟਰਨੈਸ਼ਨਲ, ਅਮਰੀਕਾ) ਨੇ ਸ਼ਹੀਦਾਂ ਨੂੰ ਸ਼ਰਧਾਂਜਲੀਆਂ ਭੇਟ ਕੀਤੀਆਂ ਅਤੇ ਸਭ ਬੁਲਾਰਿਆਂ ਅਤੇ ਸਮੂਹ ਸੰਗਤਾਂ ਦਾ ਧੰਨਵਾਦ ਕੀਤਾ।
ਸ਼ਹੀਦਾਂ ਨਮਿਤ ਅਖੰਡ ਪਾਠ ਸਾਹਿਬ ਦੇ ਭੋਗ
ਫਰੀਮਾਂਟ:- ਇਥੋਂ ਦੇ ਗੁਰਦੁਆਰਾ ਸਾਹਿਬ ਵਿਖੇ ਸ਼ਹੀਦ ਭਾਈ ਅਵਤਾਰ ਸਿੰਘ ਤਾਲ੍ਹਾਪੁਰਾ ਉਰਫ਼ ਭਾਈ ਜਸਪਾਲ ਸਿੰਘ, ਭਾਈ ਨਿਸ਼ਾਨ ਸਿੰਘ ਉਰਫ਼ ਭਾਈ ਮੰਗਲ ਸਿੰਘ, ਭਾਈ ਅਮਰਪਾਲ ਸਿੰਘ ਦਰੱਖ਼ਾਣ ਅਤੇ ਭਾਈ ਮਨੋਹਰ ਸਿੰਘ ਚੀਮਾ ਦੀ ਯਾਦ 'ਚ ਸ੍ਰੀ ਗੁਰੂ ਗ੍ਰੰਥ ਸਾਹਿਬ ਦੇ ਅਖੰਡ ਪਾਠ ਸਾਹਿਬ ਦੇ ਭੋਗ 7 ਫਰਵਰੀ ਦਿਨ ਐਤਵਾਰ ਨੂੰ ਪਾਏ ਜਾਣਗੇ। ਸ਼ਹੀਦੀ ਸਮਾਗਮ ਦਾ ਆਯੋਜਨ ਪੰਥਕ ਕਮੇਟੀ (ਡਾ. ਸੋਹਣ ਸਿੰਘ) ਵਲੋਂ ਕੀਤਾ ਜਾ
ਰਿਹਾ ਹੈ। ਪੰਥਕ ਕਮੇਟੀ ਦੇ ਬੁਲਾਰੇ ਡਾ. ਅਮਰਜੀਤ ਸਿੰਘ ਨੇ ਖ਼ਬਰ ਦਿੰਦਿਆਂ ਸੰਗਤਾਂ ਤੇ ਖਾਸ ਕਰਕੇ ਗੁਰੂ ਨਾਨਕ ਇੰਜੀਨੀਅਰਿੰਗ ਕਾਲਜ ਦੇ ਇਲਾਕੇ 'ਚ ਵਸਦੇ ਵਿਦਿਆਰਥੀਆਂ, ਸਾਬਕਾ ਵਿਦਿਆਰਥੀਆਂ ਨੂੰ ਸ਼ਹੀਦੀ ਸਮਾਗਮ 'ਚ ਸ਼ਾਮਲ ਹੋਣ ਲਈ ਅਪੀਲ ਕੀਤੀ ਹੈ। ਵਰਨਣਯੋਗ ਹੈ ਕਿ ਸ਼ਹੀਦ ਭਾਈ ਅਵਤਾਰ ਸਿੰਘ ਤਾਲ੍ਹਾਪੁਰਾ ਗੁਰੂ ਨਾਨਕ ਇੰਜੀਨੀਅਰਿੰਗ ਕਾਲਜ ਲੁਧਿਆਣਾ ਦੇ ਵਿਦਿਆਰਥੀ ਸਨ।
ਜਸਵਿੰਦਰ ਲਾਲ 'ਸੁਪਰ ਲਾਟੋ' ਜਿੱਤ ਕੇ ਮਿਲੀਅਨਏਅਰ ਬਣ ਗਿਆ
ਸੈਕਰਾਮੈਂਟੋ:- ਪੰਜਾਬ ਤੋਂ 8 ਸਾਲ ਪਹਿਲਾਂ ਅਮਰੀਕਾ 'ਚ ਉਜਲ ਭਵਿੱਖ ਦਾ ਸੁਪਨਾ ਲੈ ਕੇ ਆਏ ਜਸਵਿੰਦਰ ਲਾਲ ਦੀ ਕਿਸਮਤ ਨੇ ਇਕ ਦਿਨ ਹੀ ਉਸਨੂੰ ਲਖਪਤੀ ਬਣਾ ਦਿੱਤਾ ਜਦੋਂ ਉਹ ਪਿਛਲੇ ਸ਼ਨਿਚਰਵਾਰ ਕੈਲੀਫੋਰਨੀਆ ਰਾਜ ਵਲੋਂ ਚਲਾਈ ਜਾ ਰਹੀ ਲਾਟਰੀ 'ਸੁਪਰ ਲਾਟੋ' ਵਿੱਚ 7.8 ਮਿਲੀਅਨ ਦਾ ਇਨਾਮ ਜਿੱਤ ਗਿਆ। ਉਸਨੂੰ ਹਰ ਸਾਲ 2,80,800 ਦੇ ਕਰੀਬ ਡਾਲਰ ਅਗਲੇ 20 ਸਾਲ ਮਿਲਿਆ ਕਰਨਗੇ। ਨਿਊਯਾਰਕ 'ਚ ਕਈ ਸਾਲ ਟੈਕਸੀ ਚਲਾਉਣ ਬਾਅਦ ਸੈਕਰਾਮੈਂਟੋ ਦੇ ਵੈਸਟਰਨ ਸ਼ਹਿਰ 'ਚ ਇਕ ਸਟੋਰ ਦੇ ਕੱਲ ਕਰਨ ਵਾਲੇ ਲਾਲ ਨੇ ਇਹ ਟਿਕਟ ਖਰੀਦੀ। ਇਹ ਵੱਡੀ ਲਾਟਰੀ 15.6 ਮਿਲੀਅਨ ਦੀ ਸੀ ਜਿਸ ਲਈ ਦੋ ਵਿਅਕਤੀਆਂ ਦੇ ਜੇਤੂ ਹੋਣ ਦਾ ਐਲਾਨ ਕੀਤਾ
ਗਿਆ ਹੈ। ਸਟੋਰ ਮਾਲਕ ਨੂੰ 39000 ਡਾਲਰ ਕਮਿਸ਼ਨ ਵਜੋਂ ਮਿਲਣਗੇ। ਲਾਲ ਦਾ ਕਹਿਣਾ ਹੈ ਕਿ ਉਹ ਲਾਟਰੀ ਦੀ ਟਿਕਟ ਉਸ ਸਮੇਂ ਖਰੀਦਣ ਦਾ ਸ਼ੀ ਜਦੋਂ ਇਨਾਮ ਦੀ ਰਕਮ 15.16 ਮਿਲੀਅਨ ਦੇ ਕਰੀਬ ਪੁੱਜੀ ਸੀ। ਉਹ ਪੰਜਾਬ ਆਪਣੀ ਸ਼ਾਦੀ ਕਰਾਉਣ ਲਈ ਜਾ ਰਿਹਾ ਹੈ ਅਤੇ ਵਾਪਸ ਆ ਕੇ ਇਸ ਹੀ ਇਲਾਕੇ 'ਚ ਆਪਣਾ ਕਾਰੋਬਾਰ ਸ਼ੁਰੂ ਕਰਨ ਦੀ ਇੱਛਾ ਰੱਖਦਾ ਹੈ। ਆਪਣੇ ਯਾਰਾਂ ਦੋਸਤਾਂ ਵਲੋਂ ਕੀਤੀ ਗਈ ਸਹਾਇਤਾ ਦਾ ਜ਼ਿਕਰ ਕਰਦਿਆਂ ਲਾਲ ਨੇ ਕਿਹਾ ਕਿ ਉਹਨਾਂ ਵਲੋਂ ਜੋ ਉਸ ਦੀ ਬਣੀ ਹੀ ਸਹਾਇਤਾ ਕੀਤੀ ਗਈ ਹੈ ਤੇ ਉਹ ਵੀ ਹੁਣ ਆਪਣੇ ਯਾਰਾਂ ਦੋਸਤਾਂ ਦੀ ਵੱਧ ਤੋਂ ਵੱਧ ਸਹਾਇਤਾ ਕਰੇਗਾ।
ਪਾਠਕਾਂ ਦੇ ਨਾਂ
ਮੈਨੂੰ 'ਵਰਲਡ ਸਿੱਖ ਨਿਊਜ਼' ਦੇ ਕੁਝ ਪਾਠਕਾਂ ਦੇ ਖਤ ਆਏ ਹਨ। ਉਨ੍ਹਾਂ ਨਾਰਾਜ਼ਗੀ ਛੱਡ ਕੇ ਪੰਜਾਬ ਜਾਣ ਕਿਉਂ ਫੈਸਲਾ ਕੀਤਾ ਹੈ? ਉਨ੍ਹਾਂ ਸੱਜਣਾਂ ਦੀ ਜਾਣਕਾਰੀ ਵਾਸਤੇ ਦਸਣਾ ਚਾਹਾਂਗਾ ਕਿ ਮੇਰੀ ਪੰਜਾਬ ਮੁੜਨ ਦੀ ਮਜਬੂਰੀ ਹੀ ਵਜ੍ਹਾ ਇਸ ਇਰਾਦਾ ਦੇ ਨਾਲ ਨਾਲ ਮੇਰੀ ਮਾਇਕ ਮਜਬੂਰੀ ਵੀ ਹੈ। ਜੇ ਅਖਬਾਰ ਹਾਲਤ ਠੀਕ ਰਹਿੰਦੇ ਤਾਂ ਹੋਰ ਕਿ ਸਕਣ ਦੀ ਉਮੀਦ ਹੁੰਦੀ ਤਾਂ ਇਹ ਫੈਸਲਾ ਨਾ ਕਰਦਾ। ਪਾਠਕਾਂ ਵਲੋਂ ਪੇਸ਼ ਕੀਤੀ ਹਮਦਰਦੀ ਦਾ ਸ਼ੁਕਰੀਆ। ਕਈਆਂ ਦੀ, ਮੈਰੀ ਮਦਦ ਕਰਨ ਦੀ ਖ਼ਾਹਿਸ਼ ਵੀ ਸੀ, ਪਰ ਹਰ ਇਕ ਦੀ ਹੱਦ ਅਤੇ ਮਜਬੂਰੀ ਹੋ ਸਕਦੀ ਹੈ ਫਿਰ ਵੀ ਹਰ ਸੰਜੀਦਾ ਸੱਜਣ ਦਾ ਸ਼ੁਕਰੀਆ।
ਹਰਜਿੰਦਰ ਸਿੰਘ ਦਿਲਗੀਰ
